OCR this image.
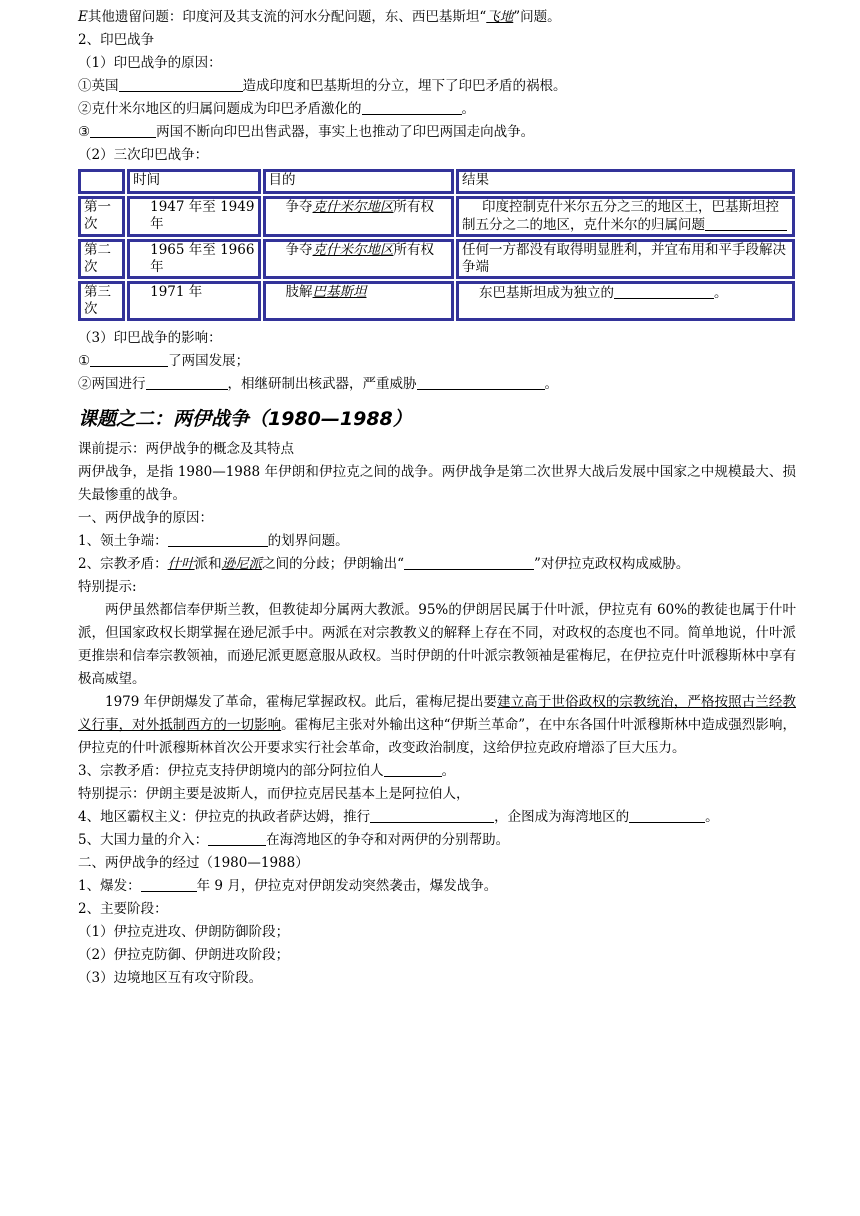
E其他遗留问题：印度河及其支流的河水分配问题，东、西巴基斯坦“飞地”问题。
2、印巴战争
（1）印巴战争的原因：
①英国	造成印度和巴基斯坦的分立，埋下了印巴矛盾的祸根。
②克什米尔地区的归属问题成为印巴矛盾激化的	。
③	两国不断向印巴出售武器，事实上也推动了印巴两国走向战争。
（2）三次印巴战争：
	时间	目的	结果
第一次	1947 年至 1949 年	争夺克什米尔地区所有权	印度控制克什米尔五分之三的地区土，巴基斯坦控制五分之二的地区，克什米尔的归属问题
第二次	1965 年至 1966 年	争夺克什米尔地区所有权	任何一方都没有取得明显胜利，并宜布用和平手段解决争端
第三次	1971 年	肢解巴基斯坦	东巴基斯坦成为独立的 。
（3）印巴战争的影响：
①	了两国发展；
②两国进行	，相继研制出核武器，严重威胁	。
课题之二：两伊战争（1980—1988）
课前提示：两伊战争的概念及其特点
两伊战争，是指 1980—1988 年伊朗和伊拉克之间的战争。两伊战争是第二次世界大战后发展中国家之中规模最大、损失最惨重的战争。
一、两伊战争的原因：
1、领土争端：	的划界问题。
2、宗教矛盾：什叶派和逊尼派之间的分歧；伊朗输出“	”对伊拉克政权构成威胁。
特别提示:
两伊虽然都信奉伊斯兰教，但教徒却分属两大教派。95%的伊朗居民属于什叶派，伊拉克有 60%的教徒也属于什叶派，但国家政权长期掌握在逊尼派手中。两派在对宗教教义的解释上存在不同，对政权的态度也不同。简单地说，什叶派更推崇和信奉宗教领袖，而逊尼派更愿意服从政权。当时伊朗的什叶派宗教领袖是霍梅尼，在伊拉克什叶派穆斯林中享有极高威望。
1979 年伊朗爆发了革命，霍梅尼掌握政权。此后，霍梅尼提出要建立高于世俗政权的宗教统治，严格按照古兰经教义行事，对外抵制西方的一切影响。霍梅尼主张对外输出这种“伊斯兰革命”，在中东各国什叶派穆斯林中造成强烈影响，伊拉克的什叶派穆斯林首次公开要求实行社会革命，改变政治制度，这给伊拉克政府增添了巨大压力。
3、宗教矛盾：伊拉克支持伊朗境内的部分阿拉伯人	。
特别提示：伊朗主要是波斯人，而伊拉克居民基本上是阿拉伯人，
4、地区霸权主义：伊拉克的执政者萨达姆，推行	，企图成为海湾地区的	。
5、大国力量的介入：	在海湾地区的争夺和对两伊的分别帮助。
二、两伊战争的经过（1980—1988）
1、爆发：	年 9 月，伊拉克对伊朗发动突然袭击，爆发战争。
2、主要阶段：
（1）伊拉克进攻、伊朗防御阶段；
（2）伊拉克防御、伊朗进攻阶段；
（3）边境地区互有攻守阶段。
